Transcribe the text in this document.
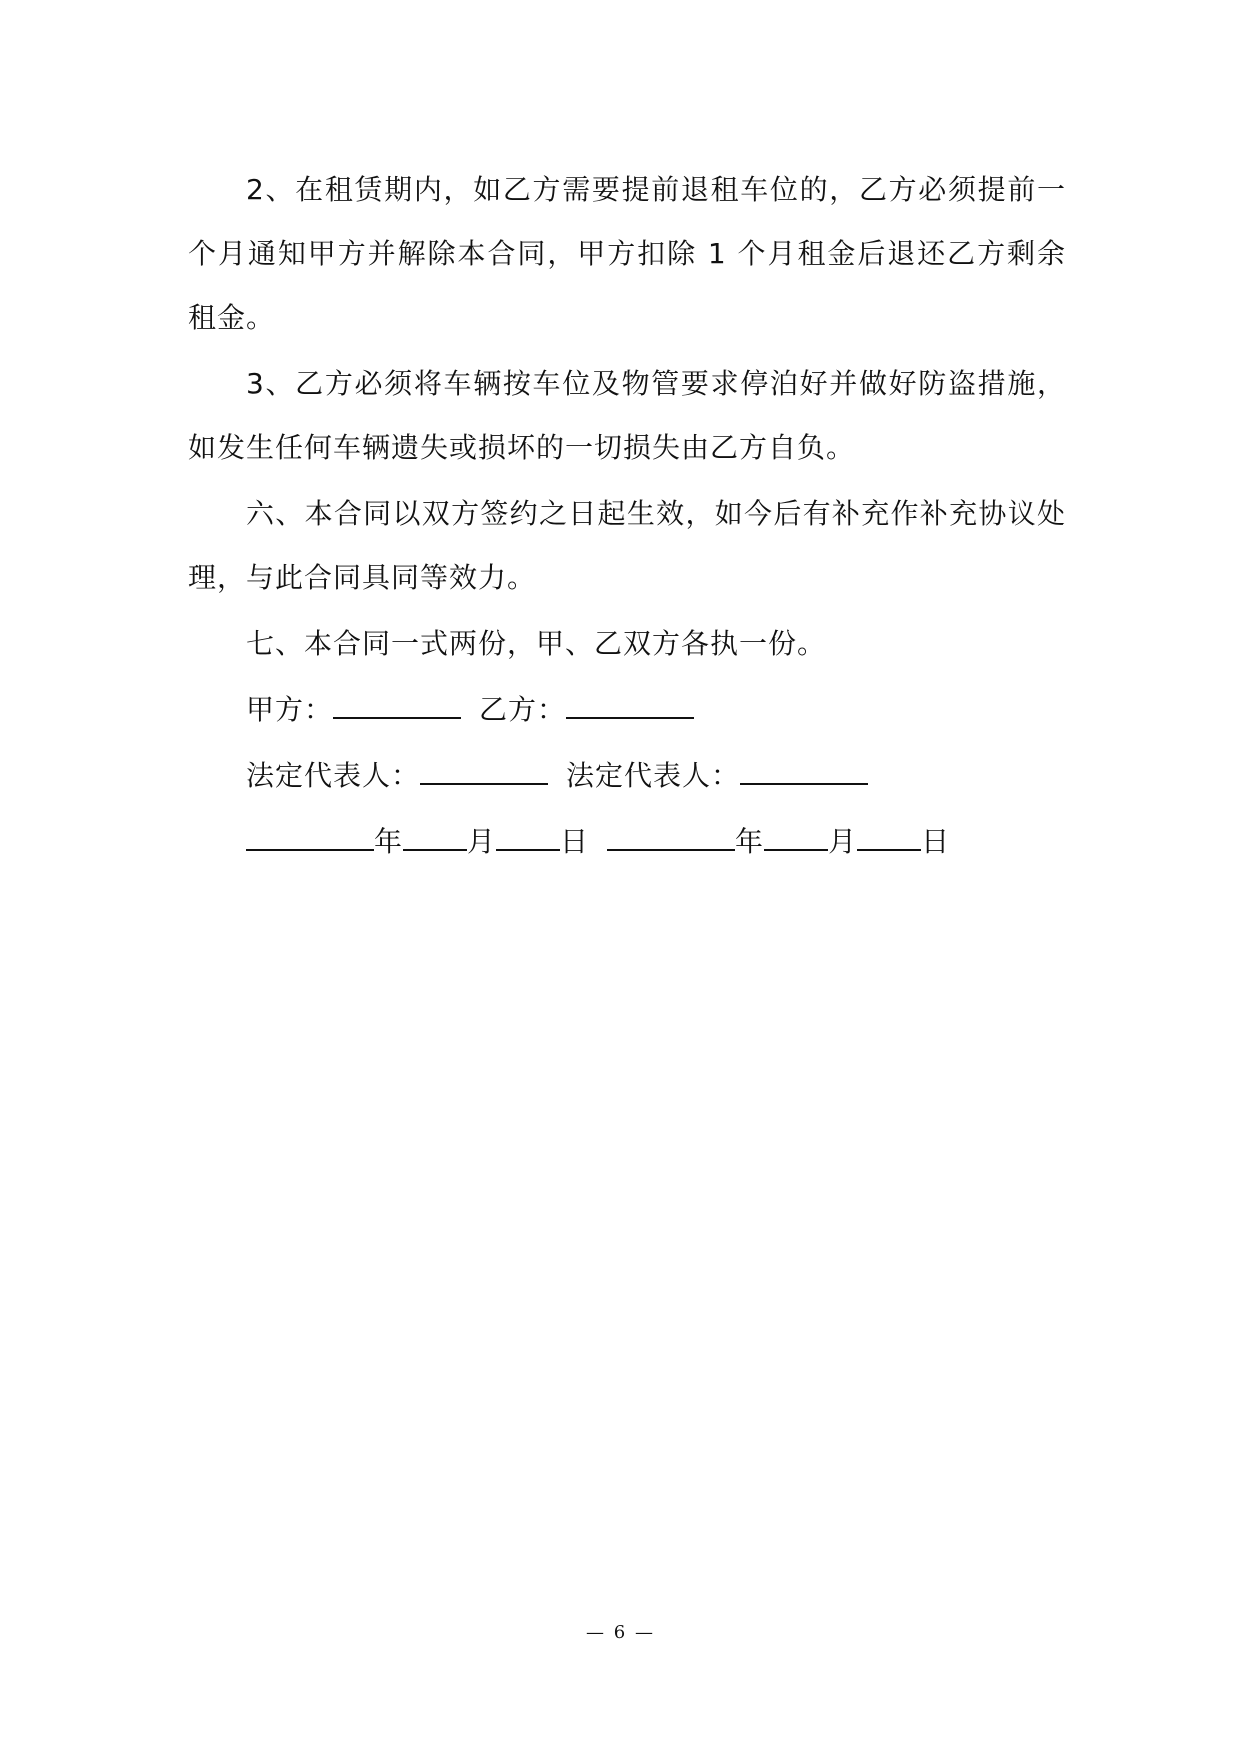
2、在租赁期内，如乙方需要提前退租车位的，乙方必须提前一个月通知甲方并解除本合同，甲方扣除 1 个月租金后退还乙方剩余租金。

3、乙方必须将车辆按车位及物管要求停泊好并做好防盗措施，如发生任何车辆遗失或损坏的一切损失由乙方自负。

六、本合同以双方签约之日起生效，如今后有补充作补充协议处理，与此合同具同等效力。

七、本合同一式两份，甲、乙双方各执一份。

甲方：	乙方：
法定代表人：	法定代表人：
年 月 日	年 月 日
— 6 —
